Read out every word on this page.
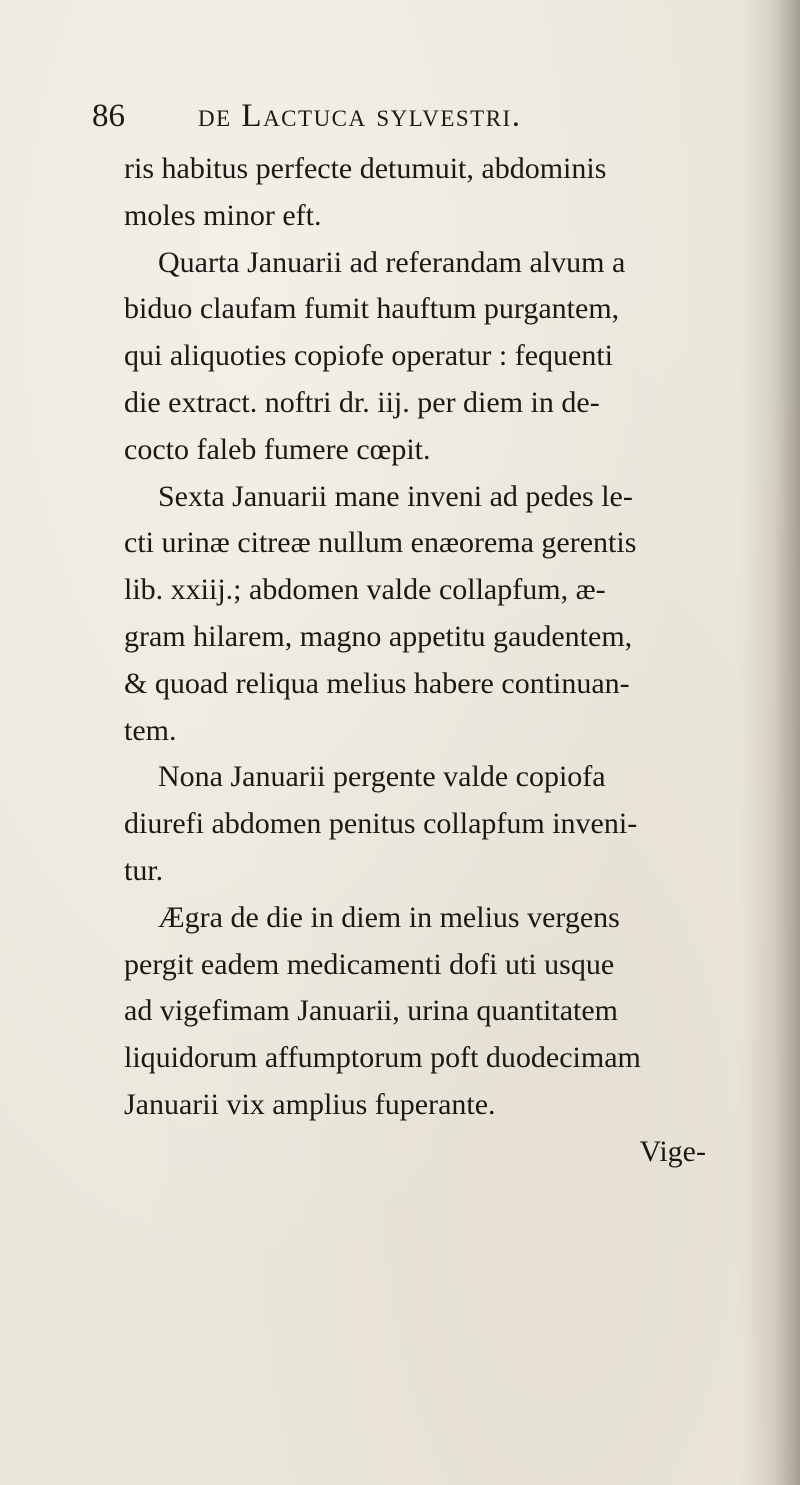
86 de Lactuca sylvestri.
ris habitus perfecte detumuit, abdominis
moles minor eft.
Quarta Januarii ad referandam alvum a
biduo claufam fumit hauftum purgantem,
qui aliquoties copiofe operatur : fequenti
die extract. noftri dr. iij. per diem in de-
cocto faleb fumere cœpit.
Sexta Januarii mane inveni ad pedes le-
cti urinæ citreæ nullum enæorema gerentis
lib. xxiij.; abdomen valde collapfum, æ-
gram hilarem, magno appetitu gaudentem,
& quoad reliqua melius habere continuan-
tem.
Nona Januarii pergente valde copiofa
diurefi abdomen penitus collapfum inveni-
tur.
Ægra de die in diem in melius vergens
pergit eadem medicamenti dofi uti usque
ad vigefimam Januarii, urina quantitatem
liquidorum affumptorum poft duodecimam
Januarii vix amplius fuperante.
Vige-
